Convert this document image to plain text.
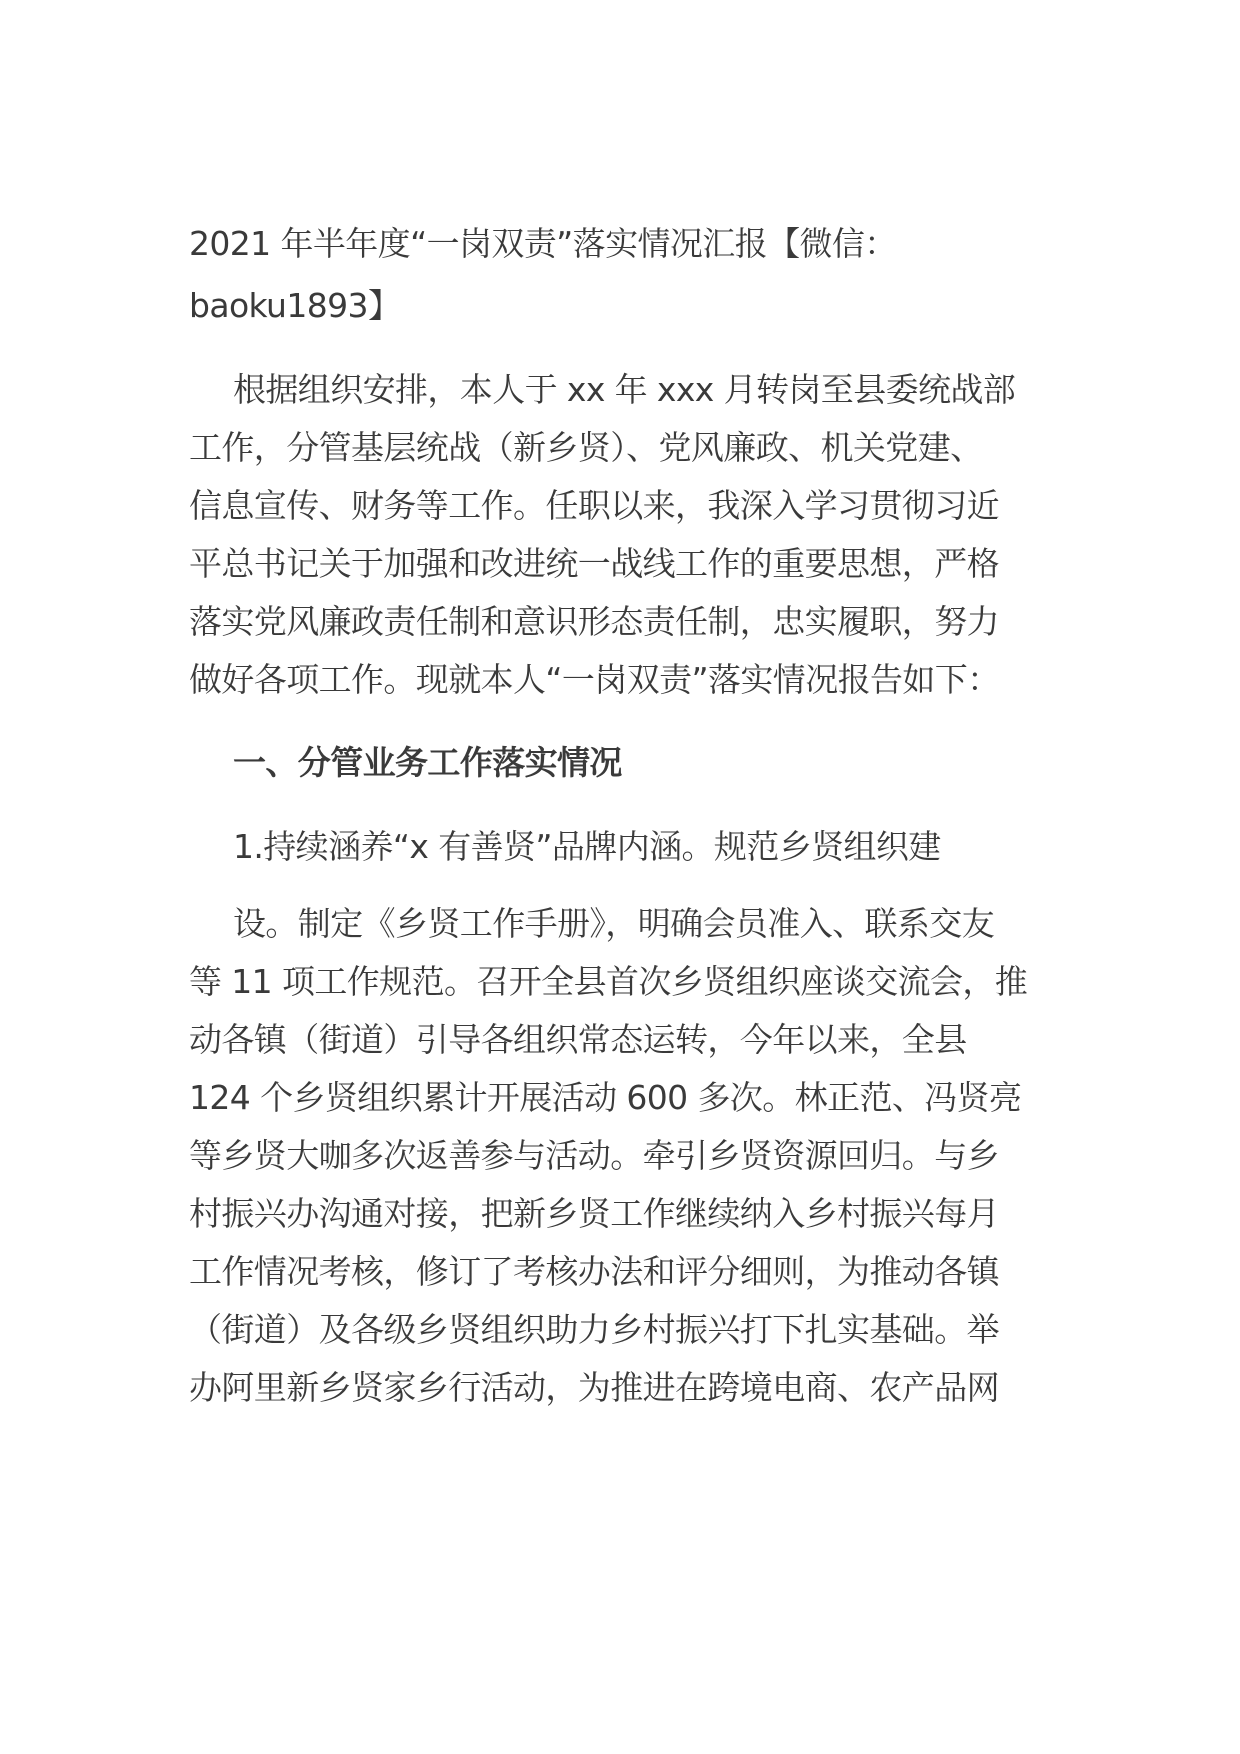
2021 年半年度“一岗双责”落实情况汇报【微信：
baoku1893】
根据组织安排，本人于 xx 年 xxx 月转岗至县委统战部
工作，分管基层统战（新乡贤）、党风廉政、机关党建、
信息宣传、财务等工作。任职以来，我深入学习贯彻习近
平总书记关于加强和改进统一战线工作的重要思想，严格
落实党风廉政责任制和意识形态责任制，忠实履职，努力
做好各项工作。现就本人“一岗双责”落实情况报告如下：
一、分管业务工作落实情况
1.持续涵养“x 有善贤”品牌内涵。规范乡贤组织建
设。制定《乡贤工作手册》，明确会员准入、联系交友
等 11 项工作规范。召开全县首次乡贤组织座谈交流会，推
动各镇（街道）引导各组织常态运转，今年以来，全县
124 个乡贤组织累计开展活动 600 多次。林正范、冯贤亮
等乡贤大咖多次返善参与活动。牵引乡贤资源回归。与乡
村振兴办沟通对接，把新乡贤工作继续纳入乡村振兴每月
工作情况考核，修订了考核办法和评分细则，为推动各镇
（街道）及各级乡贤组织助力乡村振兴打下扎实基础。举
办阿里新乡贤家乡行活动，为推进在跨境电商、农产品网
